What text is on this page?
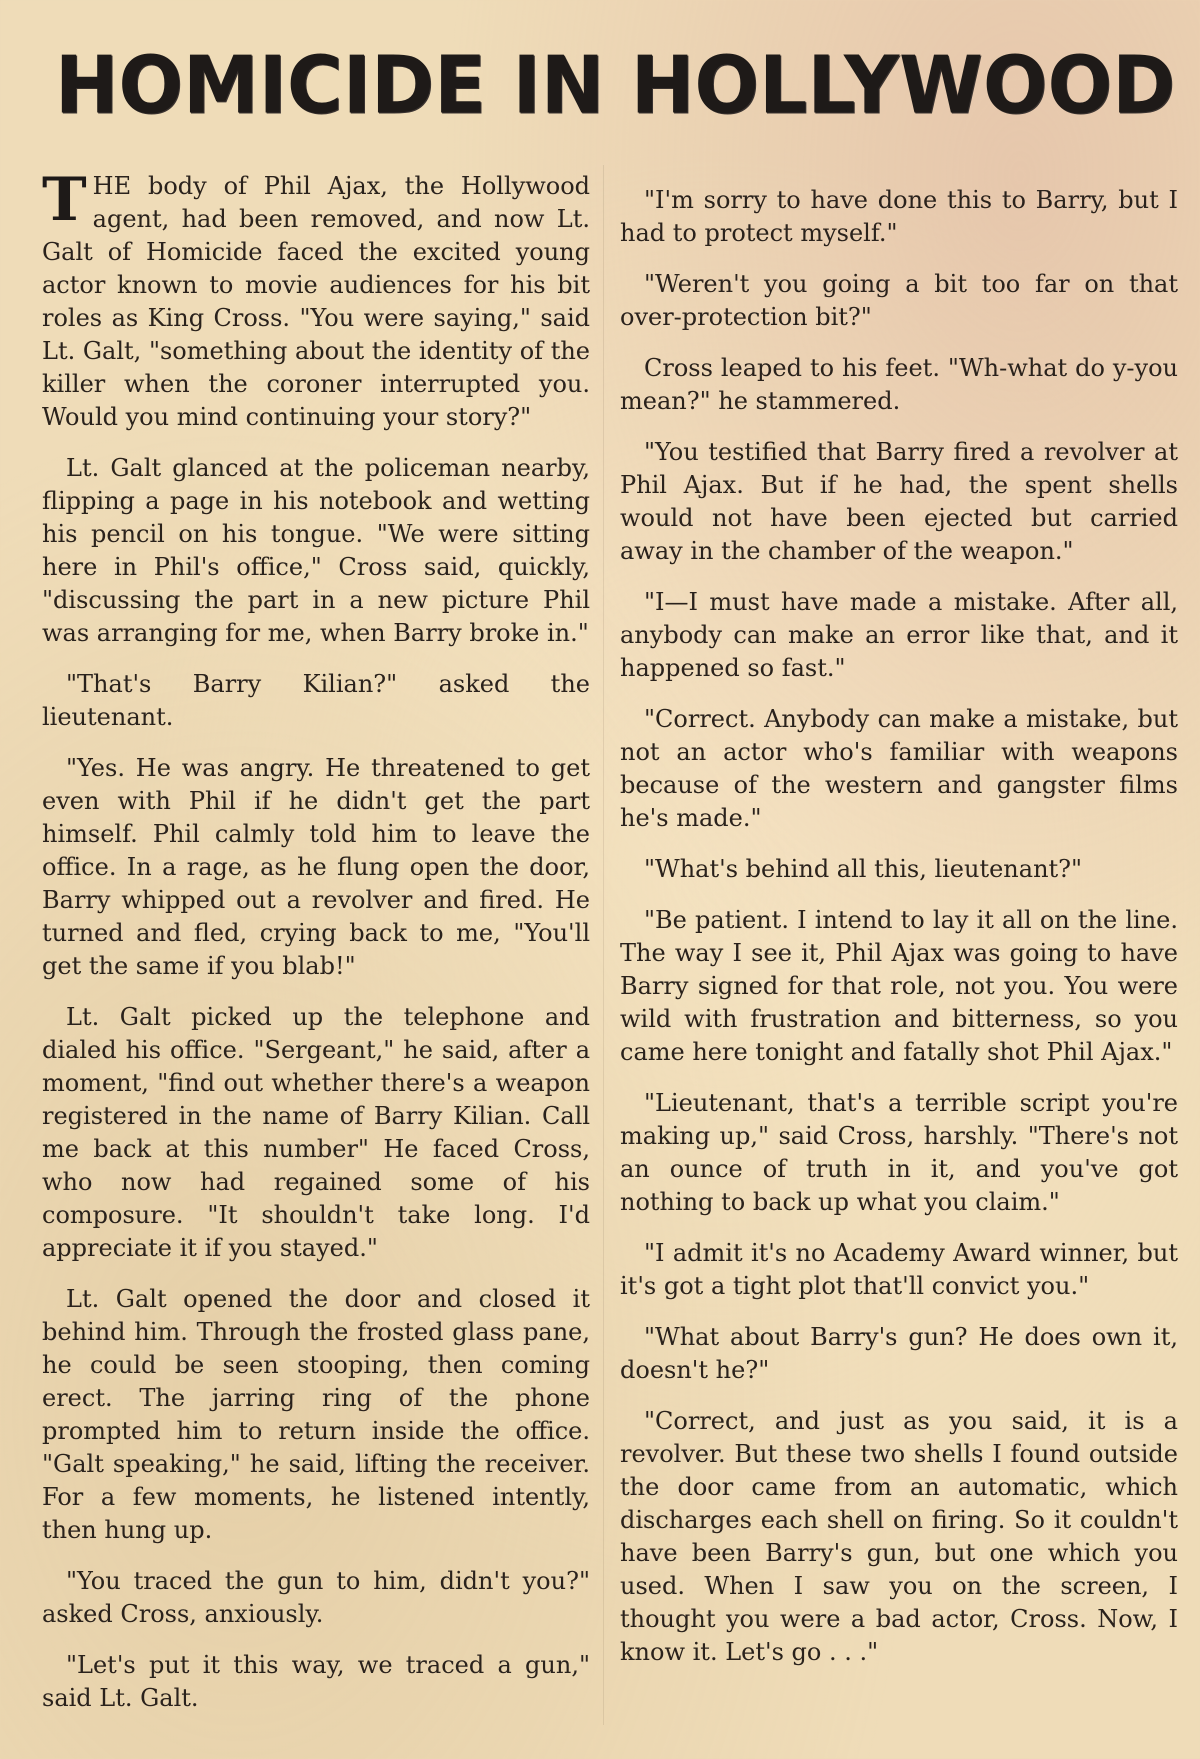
HOMICIDE IN HOLLYWOOD

THE body of Phil Ajax, the Hollywood agent, had been removed, and now Lt. Galt of Homicide faced the excited young actor known to movie audiences for his bit roles as King Cross. "You were saying," said Lt. Galt, "something about the identity of the killer when the coroner interrupted you. Would you mind continuing your story?"

Lt. Galt glanced at the policeman nearby, flipping a page in his notebook and wetting his pencil on his tongue. "We were sitting here in Phil's office," Cross said, quickly, "discussing the part in a new picture Phil was arranging for me, when Barry broke in."

"That's Barry Kilian?" asked the lieutenant.

"Yes. He was angry. He threatened to get even with Phil if he didn't get the part himself. Phil calmly told him to leave the office. In a rage, as he flung open the door, Barry whipped out a revolver and fired. He turned and fled, crying back to me, "You'll get the same if you blab!"

Lt. Galt picked up the telephone and dialed his office. "Sergeant," he said, after a moment, "find out whether there's a weapon registered in the name of Barry Kilian. Call me back at this number" He faced Cross, who now had regained some of his composure. "It shouldn't take long. I'd appreciate it if you stayed."

Lt. Galt opened the door and closed it behind him. Through the frosted glass pane, he could be seen stooping, then coming erect. The jarring ring of the phone prompted him to return inside the office. "Galt speaking," he said, lifting the receiver. For a few moments, he listened intently, then hung up.

"You traced the gun to him, didn't you?" asked Cross, anxiously.

"Let's put it this way, we traced a gun," said Lt. Galt.

"I'm sorry to have done this to Barry, but I had to protect myself."

"Weren't you going a bit too far on that over-protection bit?"

Cross leaped to his feet. "Wh-what do y-you mean?" he stammered.

"You testified that Barry fired a revolver at Phil Ajax. But if he had, the spent shells would not have been ejected but carried away in the chamber of the weapon."

"I—I must have made a mistake. After all, anybody can make an error like that, and it happened so fast."

"Correct. Anybody can make a mistake, but not an actor who's familiar with weapons because of the western and gangster films he's made."

"What's behind all this, lieutenant?"

"Be patient. I intend to lay it all on the line. The way I see it, Phil Ajax was going to have Barry signed for that role, not you. You were wild with frustration and bitterness, so you came here tonight and fatally shot Phil Ajax."

"Lieutenant, that's a terrible script you're making up," said Cross, harshly. "There's not an ounce of truth in it, and you've got nothing to back up what you claim."

"I admit it's no Academy Award winner, but it's got a tight plot that'll convict you."

"What about Barry's gun? He does own it, doesn't he?"

"Correct, and just as you said, it is a revolver. But these two shells I found outside the door came from an automatic, which discharges each shell on firing. So it couldn't have been Barry's gun, but one which you used. When I saw you on the screen, I thought you were a bad actor, Cross. Now, I know it. Let's go . . ."
